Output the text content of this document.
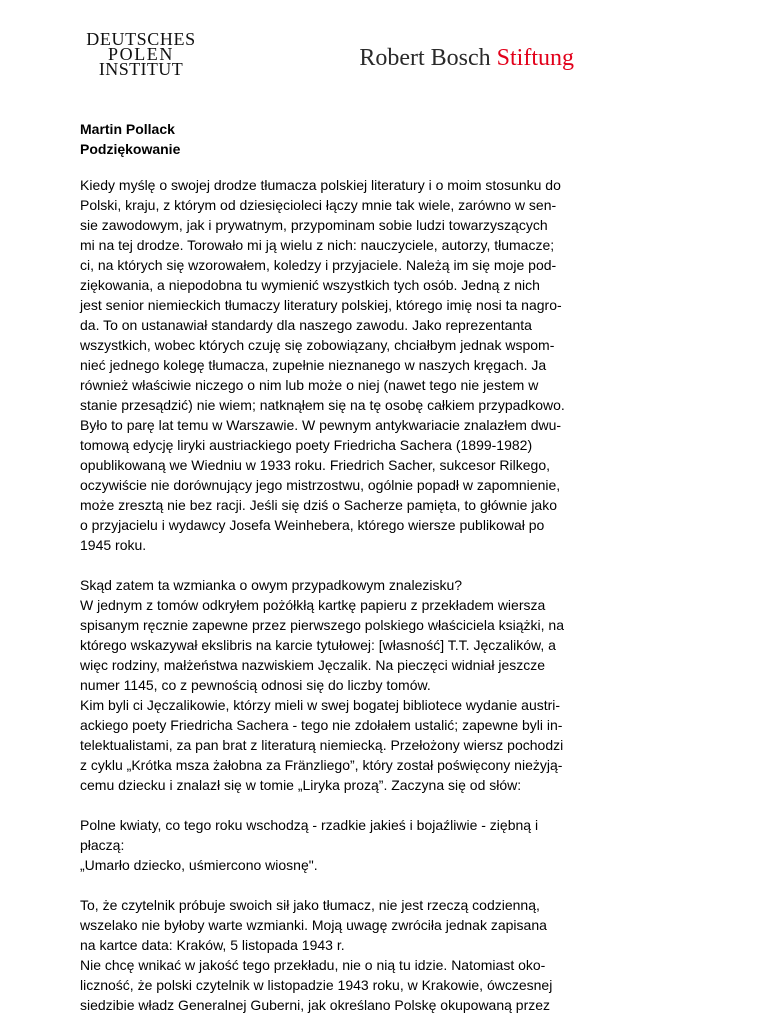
DEUTSCHES
POLEN
INSTITUT	Robert Bosch Stiftung
Martin Pollack
Podziękowanie
Kiedy myślę o swojej drodze tłumacza polskiej literatury i o moim stosunku do
Polski, kraju, z którym od dziesięcioleci łączy mnie tak wiele, zarówno w sen-
sie zawodowym, jak i prywatnym, przypominam sobie ludzi towarzyszących
mi na tej drodze. Torowało mi ją wielu z nich: nauczyciele, autorzy, tłumacze;
ci, na których się wzorowałem, koledzy i przyjaciele. Należą im się moje pod-
ziękowania, a niepodobna tu wymienić wszystkich tych osób. Jedną z nich
jest senior niemieckich tłumaczy literatury polskiej, którego imię nosi ta nagro-
da. To on ustanawiał standardy dla naszego zawodu. Jako reprezentanta
wszystkich, wobec których czuję się zobowiązany, chciałbym jednak wspom-
nieć jednego kolegę tłumacza, zupełnie nieznanego w naszych kręgach. Ja
również właściwie niczego o nim lub może o niej (nawet tego nie jestem w
stanie przesądzić) nie wiem; natknąłem się na tę osobę całkiem przypadkowo.
Było to parę lat temu w Warszawie. W pewnym antykwariacie znalazłem dwu-
tomową edycję liryki austriackiego poety Friedricha Sachera (1899-1982)
opublikowaną we Wiedniu w 1933 roku. Friedrich Sacher, sukcesor Rilkego,
oczywiście nie dorównujący jego mistrzostwu, ogólnie popadł w zapomnienie,
może zresztą nie bez racji. Jeśli się dziś o Sacherze pamięta, to głównie jako
o przyjacielu i wydawcy Josefa Weinhebera, którego wiersze publikował po
1945 roku.
Skąd zatem ta wzmianka o owym przypadkowym znalezisku?
W jednym z tomów odkryłem pożółkłą kartkę papieru z przekładem wiersza
spisanym ręcznie zapewne przez pierwszego polskiego właściciela książki, na
którego wskazywał ekslibris na karcie tytułowej: [własność] T.T. Jęczalików, a
więc rodziny, małżeństwa nazwiskiem Jęczalik. Na pieczęci widniał jeszcze
numer 1145, co z pewnością odnosi się do liczby tomów.
Kim byli ci Jęczalikowie, którzy mieli w swej bogatej bibliotece wydanie austri-
ackiego poety Friedricha Sachera - tego nie zdołałem ustalić; zapewne byli in-
telektualistami, za pan brat z literaturą niemiecką. Przełożony wiersz pochodzi
z cyklu „Krótka msza żałobna za Fränzliego”, który został poświęcony nieżyją-
cemu dziecku i znalazł się w tomie „Liryka prozą”. Zaczyna się od słów:
Polne kwiaty, co tego roku wschodzą - rzadkie jakieś i bojaźliwie - ziębną i
płaczą:
„Umarło dziecko, uśmiercono wiosnę".
To, że czytelnik próbuje swoich sił jako tłumacz, nie jest rzeczą codzienną,
wszelako nie byłoby warte wzmianki. Moją uwagę zwróciła jednak zapisana
na kartce data: Kraków, 5 listopada 1943 r.
Nie chcę wnikać w jakość tego przekładu, nie o nią tu idzie. Natomiast oko-
liczność, że polski czytelnik w listopadzie 1943 roku, w Krakowie, ówczesnej
siedzibie władz Generalnej Guberni, jak określano Polskę okupowaną przez
